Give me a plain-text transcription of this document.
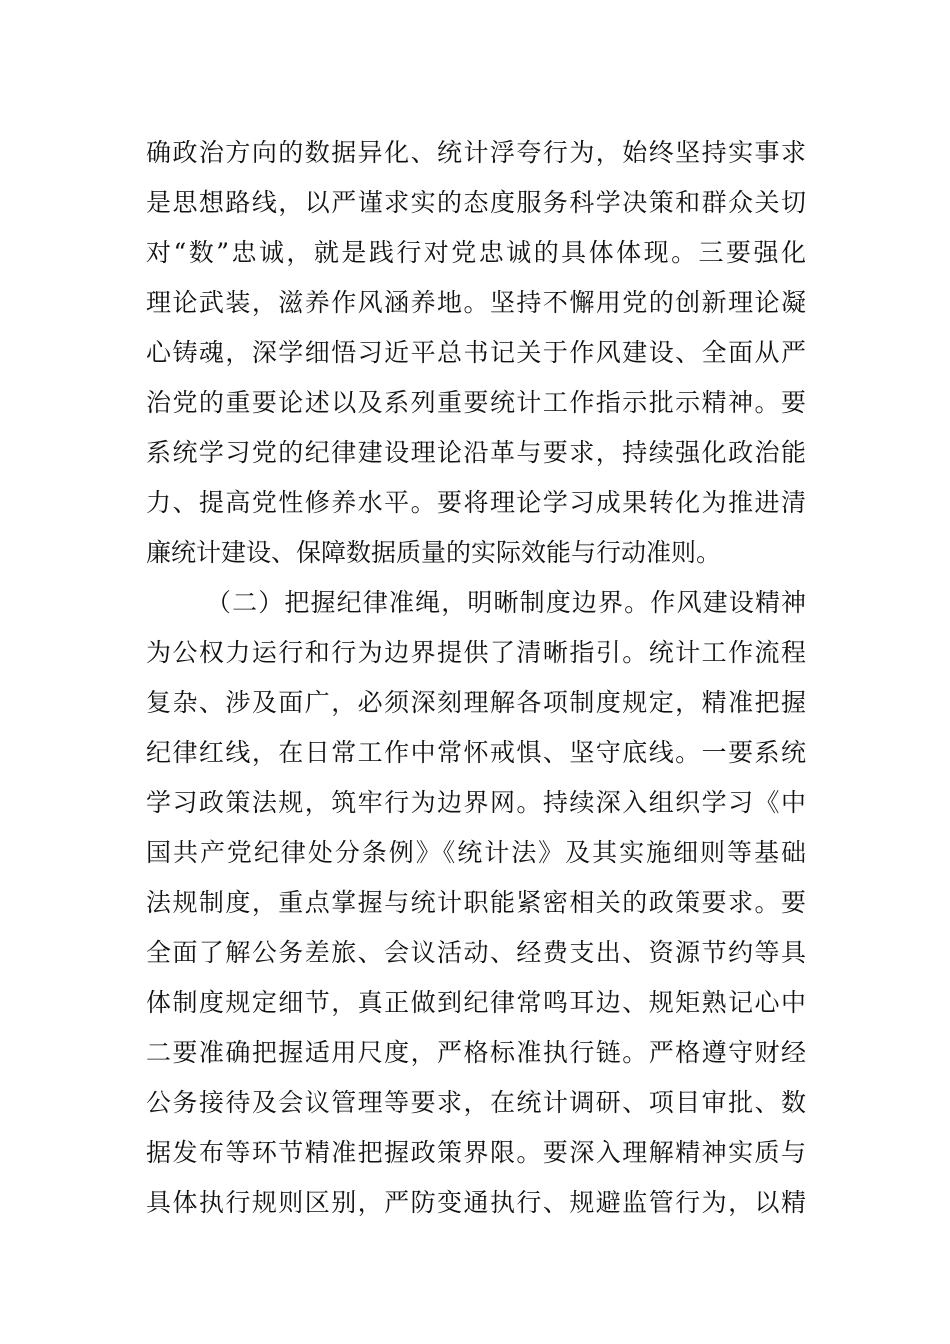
确政治方向的数据异化、统计浮夸行为，始终坚持实事求
是思想路线，以严谨求实的态度服务科学决策和群众关切
对“数”忠诚，就是践行对党忠诚的具体体现。三要强化
理论武装，滋养作风涵养地。坚持不懈用党的创新理论凝
心铸魂，深学细悟习近平总书记关于作风建设、全面从严
治党的重要论述以及系列重要统计工作指示批示精神。要
系统学习党的纪律建设理论沿革与要求，持续强化政治能
力、提高党性修养水平。要将理论学习成果转化为推进清
廉统计建设、保障数据质量的实际效能与行动准则。
（二）把握纪律准绳，明晰制度边界。作风建设精神
为公权力运行和行为边界提供了清晰指引。统计工作流程
复杂、涉及面广，必须深刻理解各项制度规定，精准把握
纪律红线，在日常工作中常怀戒惧、坚守底线。一要系统
学习政策法规，筑牢行为边界网。持续深入组织学习《中
国共产党纪律处分条例》《统计法》及其实施细则等基础
法规制度，重点掌握与统计职能紧密相关的政策要求。要
全面了解公务差旅、会议活动、经费支出、资源节约等具
体制度规定细节，真正做到纪律常鸣耳边、规矩熟记心中
二要准确把握适用尺度，严格标准执行链。严格遵守财经
公务接待及会议管理等要求，在统计调研、项目审批、数
据发布等环节精准把握政策界限。要深入理解精神实质与
具体执行规则区别，严防变通执行、规避监管行为，以精
